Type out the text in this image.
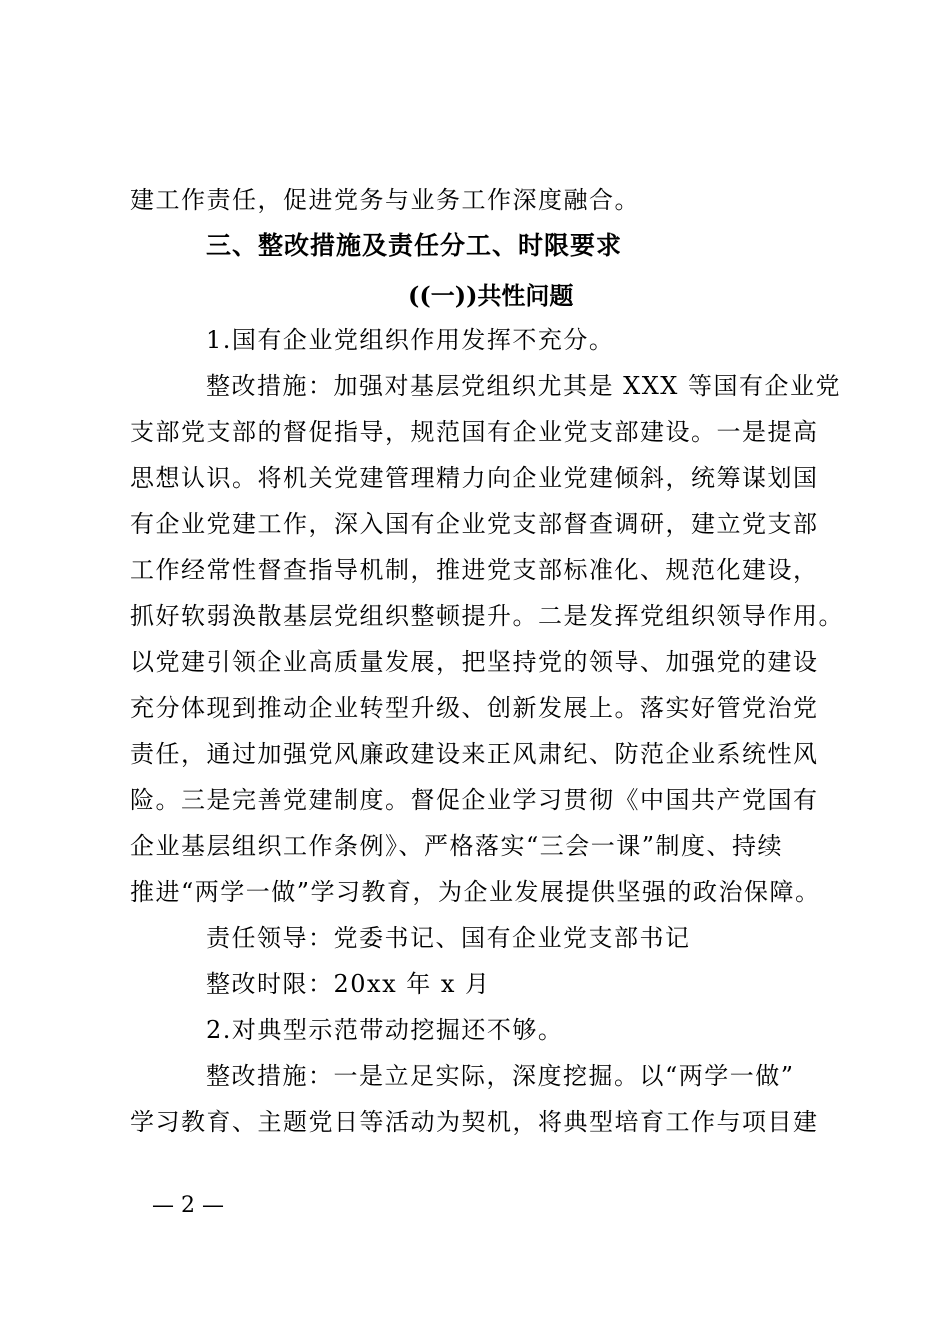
建工作责任，促进党务与业务工作深度融合。
三、整改措施及责任分工、时限要求
((一))共性问题
1.国有企业党组织作用发挥不充分。
整改措施：加强对基层党组织尤其是 XXX 等国有企业党
支部党支部的督促指导，规范国有企业党支部建设。一是提高
思想认识。将机关党建管理精力向企业党建倾斜，统筹谋划国
有企业党建工作，深入国有企业党支部督查调研，建立党支部
工作经常性督查指导机制，推进党支部标准化、规范化建设，
抓好软弱涣散基层党组织整顿提升。二是发挥党组织领导作用。
以党建引领企业高质量发展，把坚持党的领导、加强党的建设
充分体现到推动企业转型升级、创新发展上。落实好管党治党
责任，通过加强党风廉政建设来正风肃纪、防范企业系统性风
险。三是完善党建制度。督促企业学习贯彻《中国共产党国有
企业基层组织工作条例》、严格落实“三会一课”制度、持续
推进“两学一做”学习教育，为企业发展提供坚强的政治保障。
责任领导：党委书记、国有企业党支部书记
整改时限：20xx 年 x 月
2.对典型示范带动挖掘还不够。
整改措施：一是立足实际，深度挖掘。以“两学一做”
学习教育、主题党日等活动为契机，将典型培育工作与项目建
— 2 —
